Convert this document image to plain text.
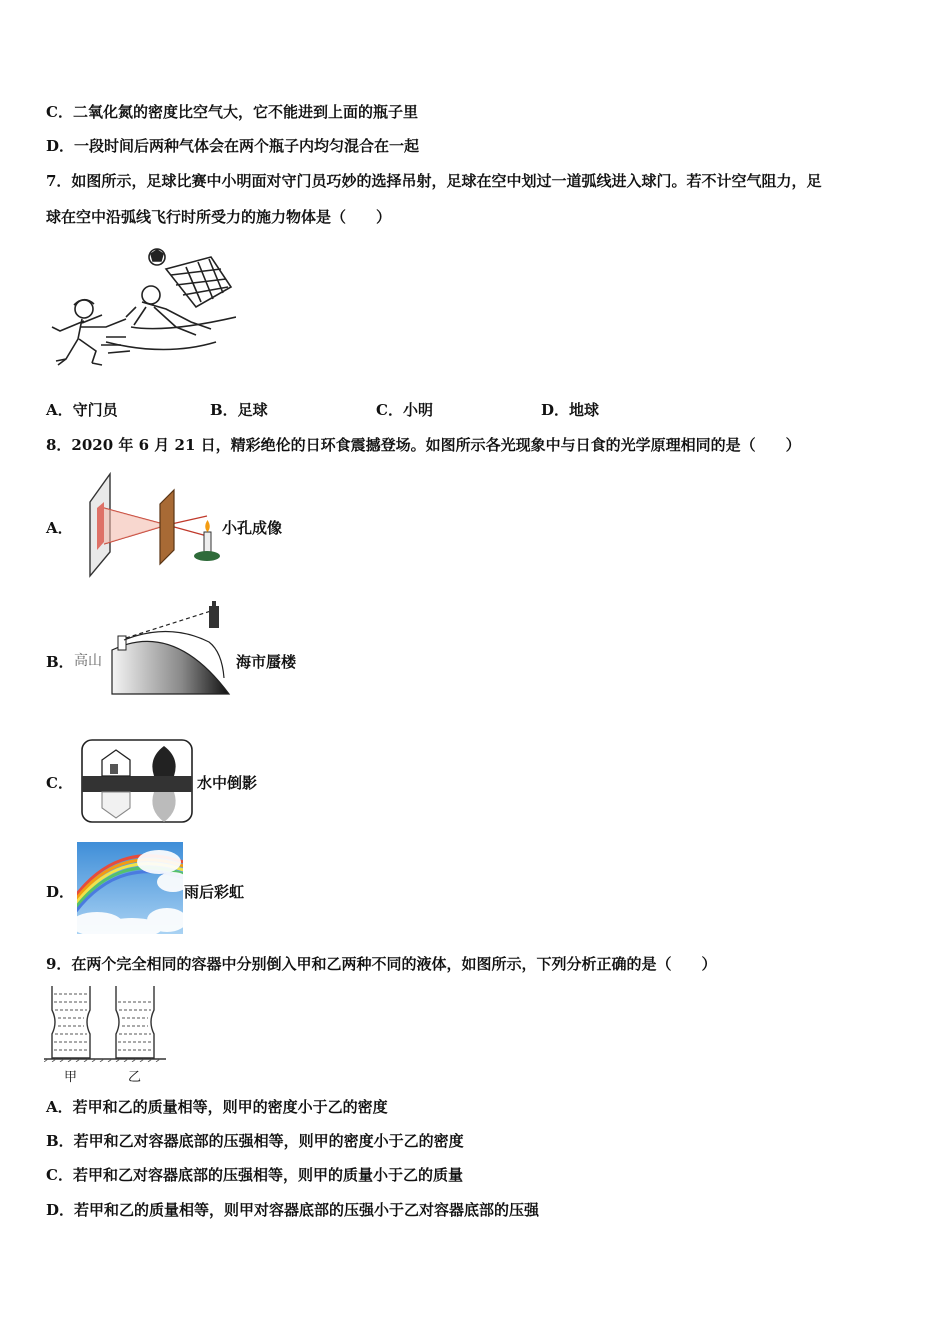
C．二氧化氮的密度比空气大，它不能进到上面的瓶子里
D．一段时间后两种气体会在两个瓶子内均匀混合在一起
7．如图所示，足球比赛中小明面对守门员巧妙的选择吊射，足球在空中划过一道弧线进入球门。若不计空气阻力，足
球在空中沿弧线飞行时所受力的施力物体是（　　）
A．守门员	B．足球	C．小明	D．地球
8．2020 年 6 月 21 日，精彩绝伦的日环食震撼登场。如图所示各光现象中与日食的光学原理相同的是（　　）
A．	小孔成像
B． 高山	海市蜃楼
C．	水中倒影
D．	雨后彩虹
9．在两个完全相同的容器中分别倒入甲和乙两种不同的液体，如图所示，下列分析正确的是（　　）
甲	乙
A．若甲和乙的质量相等，则甲的密度小于乙的密度
B．若甲和乙对容器底部的压强相等，则甲的密度小于乙的密度
C．若甲和乙对容器底部的压强相等，则甲的质量小于乙的质量
D．若甲和乙的质量相等，则甲对容器底部的压强小于乙对容器底部的压强
